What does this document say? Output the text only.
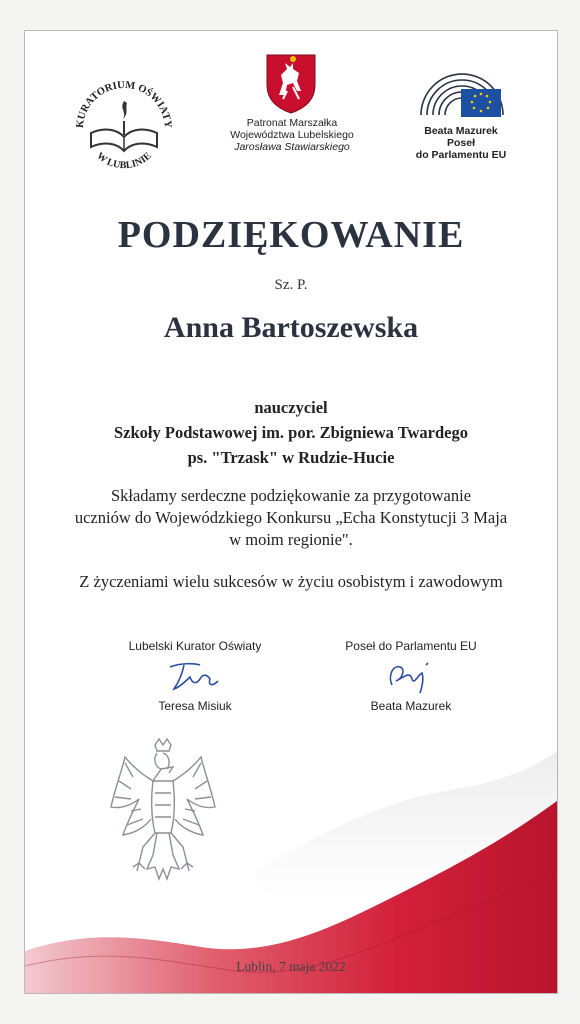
KURATORIUM OŚWIATY
W LUBLINIE
Patronat Marszałka
Województwa Lubelskiego
Jarosława Stawiarskiego
Beata Mazurek
Poseł
do Parlamentu EU
PODZIĘKOWANIE
Sz. P.
Anna Bartoszewska
nauczyciel
Szkoły Podstawowej im. por. Zbigniewa Twardego
ps. "Trzask" w Rudzie-Hucie
Składamy serdeczne podziękowanie za przygotowanie
uczniów do Wojewódzkiego Konkursu „Echa Konstytucji 3 Maja
w moim regionie".
Z życzeniami wielu sukcesów w życiu osobistym i zawodowym
Lubelski Kurator Oświaty
Teresa Misiuk
Poseł do Parlamentu EU
Beata Mazurek
Lublin, 7 maja 2022
